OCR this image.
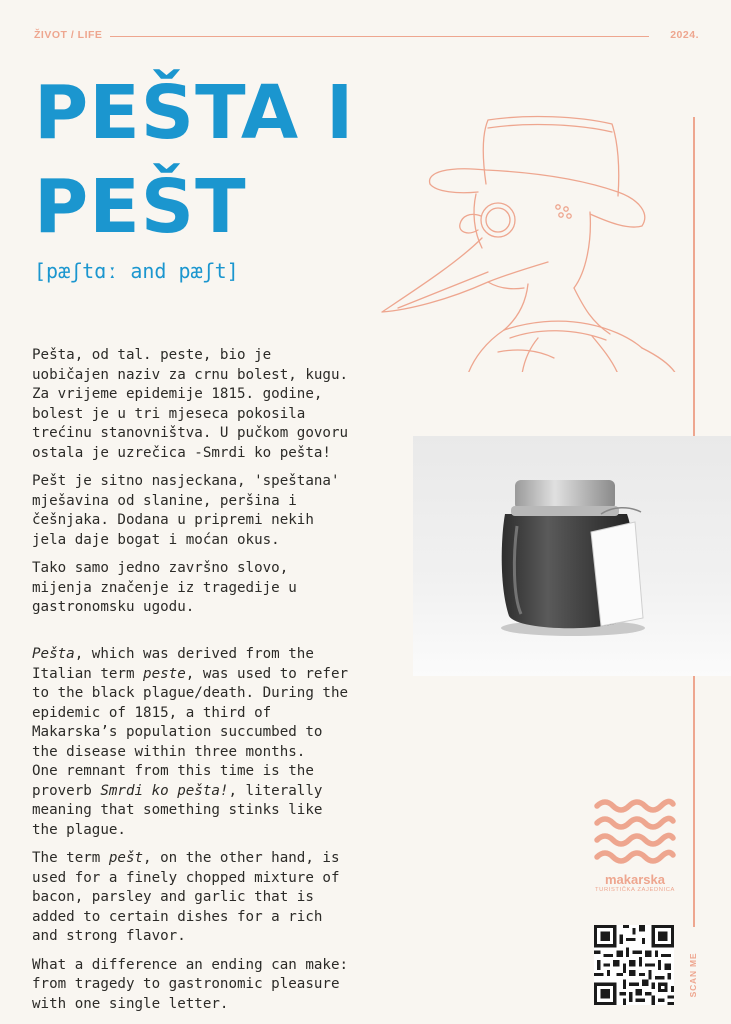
ŽIVOT / LIFE	2024.
PEŠTA I
PEŠT
[pæʃtɑː and pæʃt]

Pešta, od tal. peste, bio je
uobičajen naziv za crnu bolest, kugu.
Za vrijeme epidemije 1815. godine,
bolest je u tri mjeseca pokosila
trećinu stanovništva. U pučkom govoru
ostala je uzrečica -Smrdi ko pešta!

Pešt je sitno nasjeckana, 'speštana'
mješavina od slanine, peršina i
češnjaka. Dodana u pripremi nekih
jela daje bogat i moćan okus.

Tako samo jedno završno slovo,
mijenja značenje iz tragedije u
gastronomsku ugodu.

Pešta, which was derived from the
Italian term peste, was used to refer
to the black plague/death. During the
epidemic of 1815, a third of
Makarska’s population succumbed to
the disease within three months.
One remnant from this time is the
proverb Smrdi ko pešta!, literally
meaning that something stinks like
the plague.

The term pešt, on the other hand, is
used for a finely chopped mixture of
bacon, parsley and garlic that is
added to certain dishes for a rich
and strong flavor.

What a difference an ending can make:
from tragedy to gastronomic pleasure
with one single letter.

makarska
TURISTIČKA ZAJEDNICA
SCAN ME
